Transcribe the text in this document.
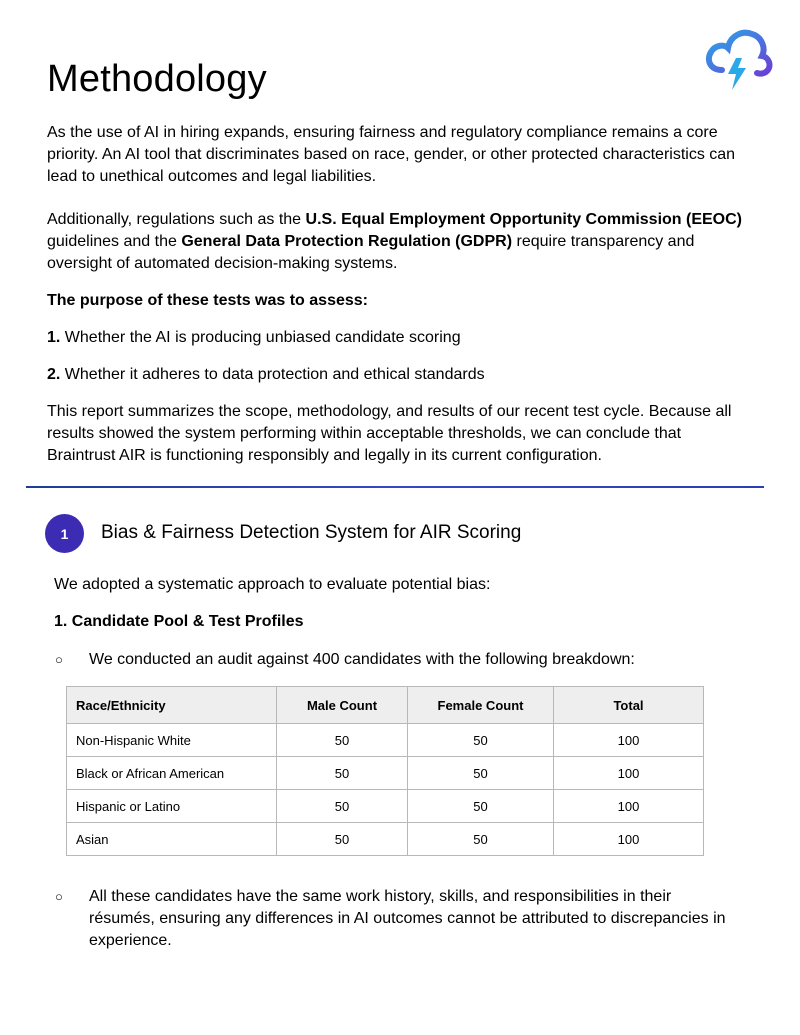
Methodology

As the use of AI in hiring expands, ensuring fairness and regulatory compliance remains a core priority. An AI tool that discriminates based on race, gender, or other protected characteristics can lead to unethical outcomes and legal liabilities.

Additionally, regulations such as the U.S. Equal Employment Opportunity Commission (EEOC) guidelines and the General Data Protection Regulation (GDPR) require transparency and oversight of automated decision-making systems.

The purpose of these tests was to assess:

1. Whether the AI is producing unbiased candidate scoring

2. Whether it adheres to data protection and ethical standards

This report summarizes the scope, methodology, and results of our recent test cycle. Because all results showed the system performing within acceptable thresholds, we can conclude that Braintrust AIR is functioning responsibly and legally in its current configuration.

1	Bias & Fairness Detection System for AIR Scoring
We adopted a systematic approach to evaluate potential bias:
1. Candidate Pool & Test Profiles
○ We conducted an audit against 400 candidates with the following breakdown:
Race/Ethnicity	Male Count	Female Count	Total
Non-Hispanic White	50	50	100
Black or African American	50	50	100
Hispanic or Latino	50	50	100
Asian	50	50	100
○ All these candidates have the same work history, skills, and responsibilities in their résumés, ensuring any differences in AI outcomes cannot be attributed to discrepancies in experience.
